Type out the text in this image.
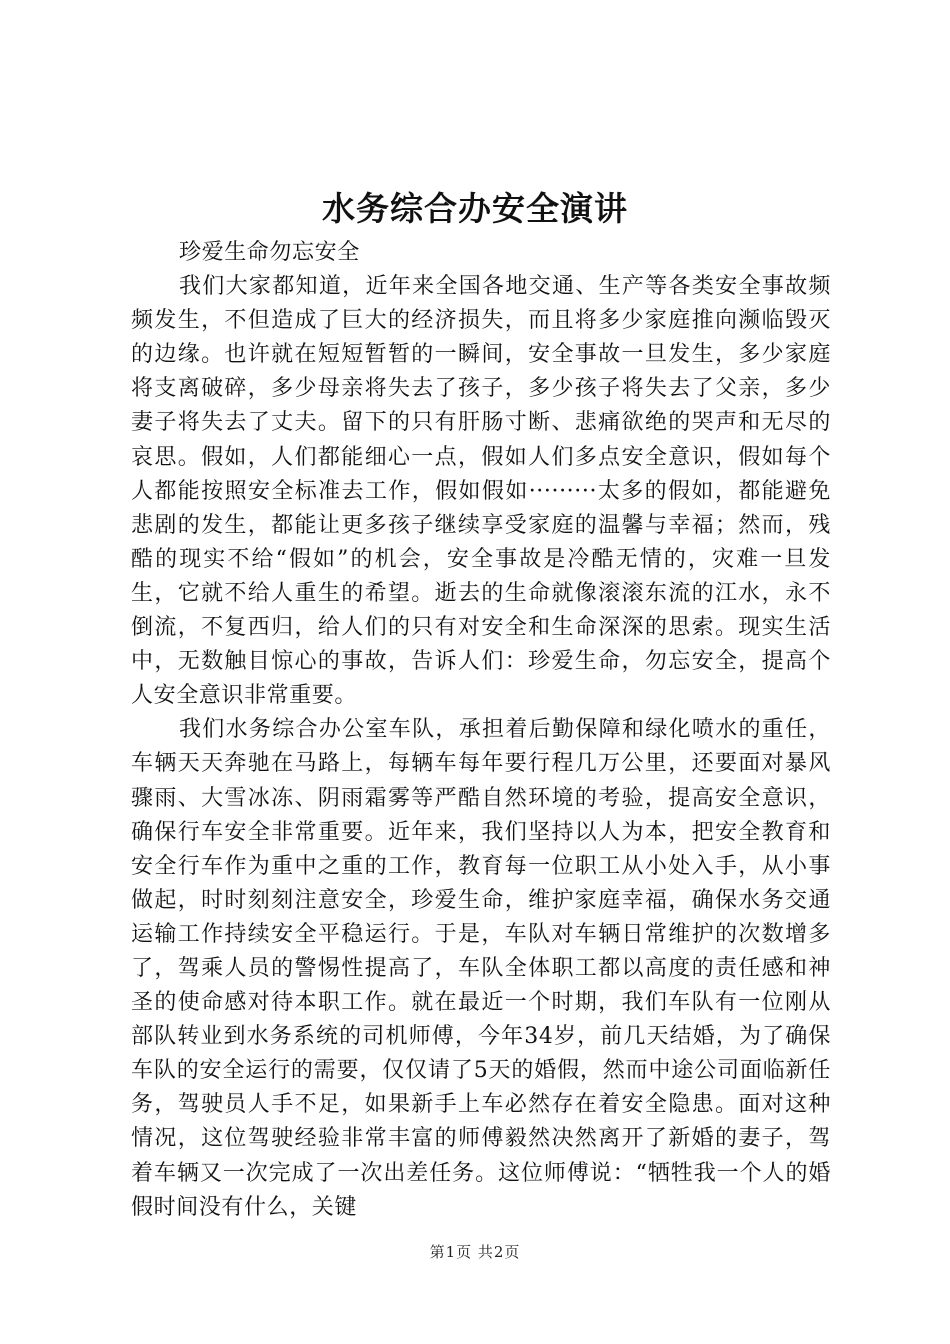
水务综合办安全演讲

珍爱生命勿忘安全

我们大家都知道，近年来全国各地交通、生产等各类安全事故频频发生，不但造成了巨大的经济损失，而且将多少家庭推向濒临毁灭的边缘。也许就在短短暂暂的一瞬间，安全事故一旦发生，多少家庭将支离破碎，多少母亲将失去了孩子，多少孩子将失去了父亲，多少妻子将失去了丈夫。留下的只有肝肠寸断、悲痛欲绝的哭声和无尽的哀思。假如，人们都能细心一点，假如人们多点安全意识，假如每个人都能按照安全标准去工作，假如假如·········太多的假如，都能避免悲剧的发生，都能让更多孩子继续享受家庭的温馨与幸福；然而，残酷的现实不给“假如”的机会，安全事故是冷酷无情的，灾难一旦发生，它就不给人重生的希望。逝去的生命就像滚滚东流的江水，永不倒流，不复西归，给人们的只有对安全和生命深深的思索。现实生活中，无数触目惊心的事故，告诉人们：珍爱生命，勿忘安全，提高个人安全意识非常重要。

我们水务综合办公室车队，承担着后勤保障和绿化喷水的重任，车辆天天奔驰在马路上，每辆车每年要行程几万公里，还要面对暴风骤雨、大雪冰冻、阴雨霜雾等严酷自然环境的考验，提高安全意识，确保行车安全非常重要。近年来，我们坚持以人为本，把安全教育和安全行车作为重中之重的工作，教育每一位职工从小处入手，从小事做起，时时刻刻注意安全，珍爱生命，维护家庭幸福，确保水务交通运输工作持续安全平稳运行。于是，车队对车辆日常维护的次数增多了，驾乘人员的警惕性提高了，车队全体职工都以高度的责任感和神圣的使命感对待本职工作。就在最近一个时期，我们车队有一位刚从部队转业到水务系统的司机师傅，今年34岁，前几天结婚，为了确保车队的安全运行的需要，仅仅请了5天的婚假，然而中途公司面临新任务，驾驶员人手不足，如果新手上车必然存在着安全隐患。面对这种情况，这位驾驶经验非常丰富的师傅毅然决然离开了新婚的妻子，驾着车辆又一次完成了一次出差任务。这位师傅说：“牺牲我一个人的婚假时间没有什么，关键

第1页 共2页
